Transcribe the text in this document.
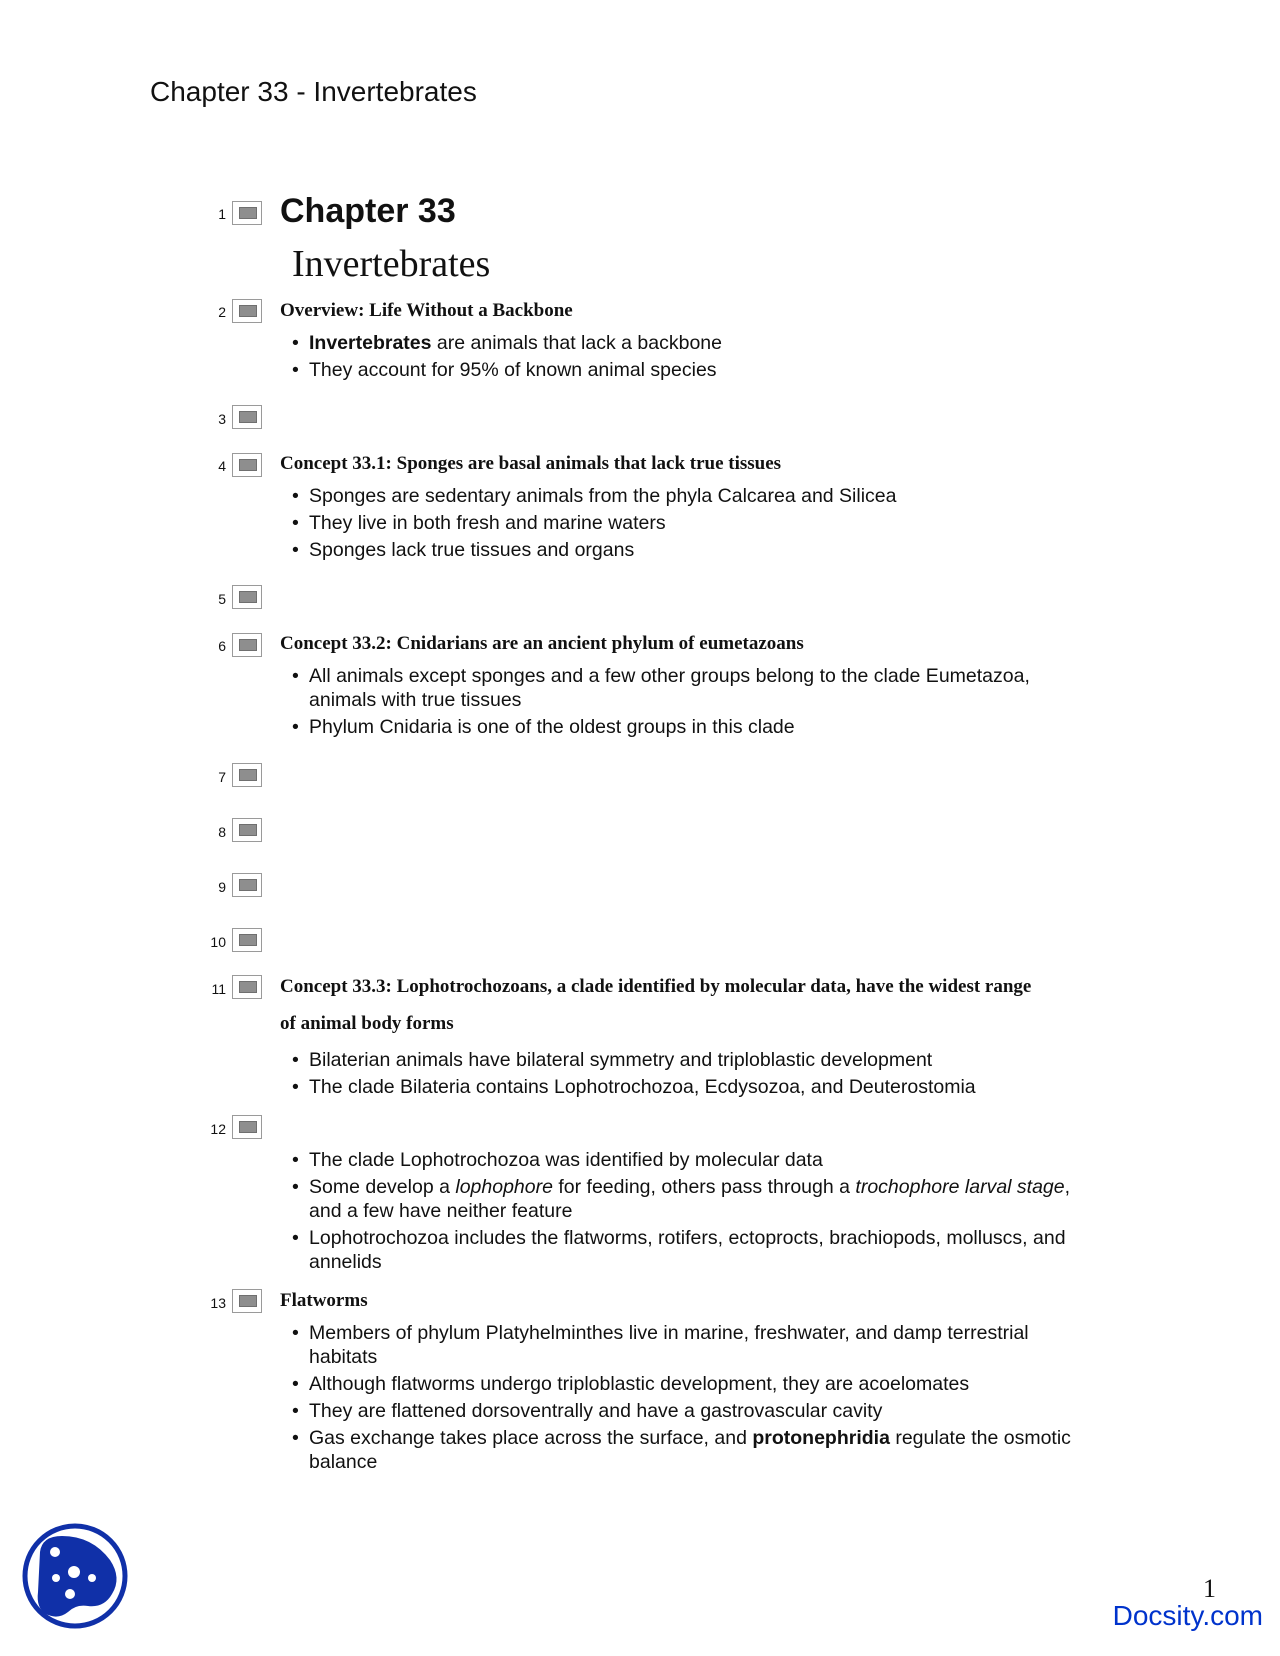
Chapter 33 - Invertebrates
1 Chapter 33
Invertebrates
2	Overview: Life Without a Backbone
• Invertebrates are animals that lack a backbone
• They account for 95% of known animal species
3
4	Concept 33.1: Sponges are basal animals that lack true tissues
• Sponges are sedentary animals from the phyla Calcarea and Silicea
• They live in both fresh and marine waters
• Sponges lack true tissues and organs
5
6	Concept 33.2: Cnidarians are an ancient phylum of eumetazoans
• All animals except sponges and a few other groups belong to the clade Eumetazoa, animals with true tissues
• Phylum Cnidaria is one of the oldest groups in this clade
7
8
9
10
11	Concept 33.3: Lophotrochozoans, a clade identified by molecular data, have the widest range
of animal body forms
• Bilaterian animals have bilateral symmetry and triploblastic development
• The clade Bilateria contains Lophotrochozoa, Ecdysozoa, and Deuterostomia
12
• The clade Lophotrochozoa was identified by molecular data
• Some develop a lophophore for feeding, others pass through a trochophore larval stage, and a few have neither feature
• Lophotrochozoa includes the flatworms, rotifers, ectoprocts, brachiopods, molluscs, and annelids
13	Flatworms
• Members of phylum Platyhelminthes live in marine, freshwater, and damp terrestrial habitats
• Although flatworms undergo triploblastic development, they are acoelomates
• They are flattened dorsoventrally and have a gastrovascular cavity
• Gas exchange takes place across the surface, and protonephridia regulate the osmotic balance
1
Docsity.com
